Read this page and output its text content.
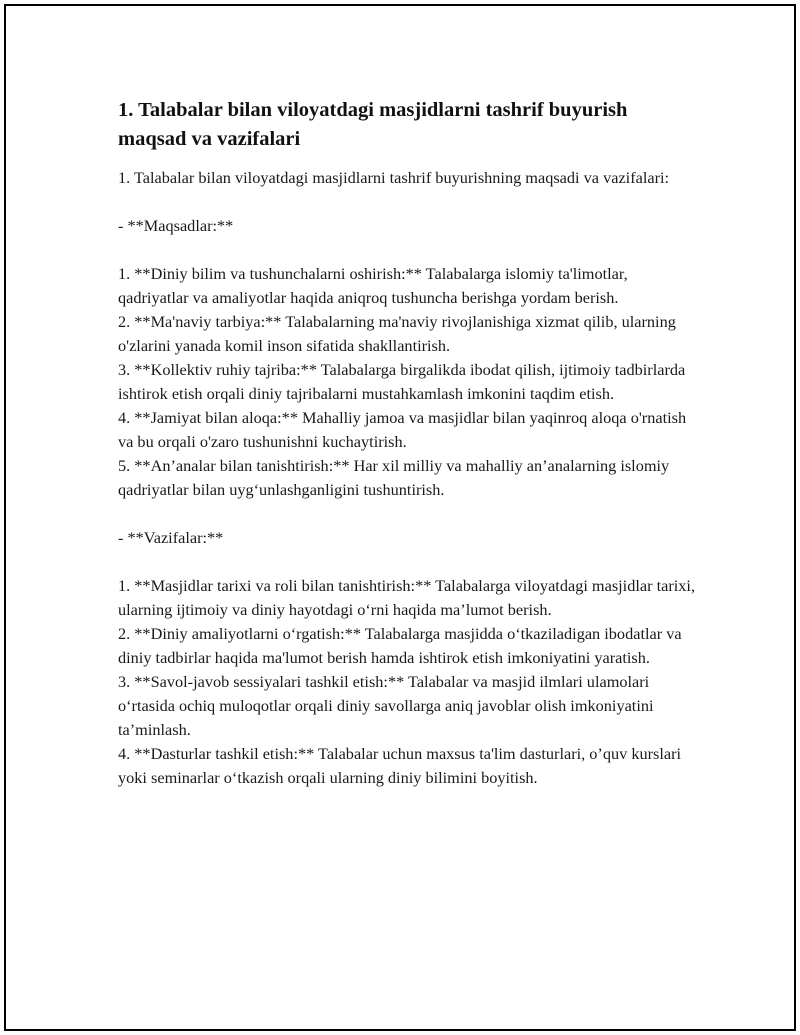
1. Talabalar bilan viloyatdagi masjidlarni tashrif buyurish maqsad va vazifalari

1. Talabalar bilan viloyatdagi masjidlarni tashrif buyurishning maqsadi va vazifalari:

- **Maqsadlar:**

1. **Diniy bilim va tushunchalarni oshirish:** Talabalarga islomiy ta'limotlar, qadriyatlar va amaliyotlar haqida aniqroq tushuncha berishga yordam berish.

2. **Ma'naviy tarbiya:** Talabalarning ma'naviy rivojlanishiga xizmat qilib, ularning o'zlarini yanada komil inson sifatida shakllantirish.

3. **Kollektiv ruhiy tajriba:** Talabalarga birgalikda ibodat qilish, ijtimoiy tadbirlarda ishtirok etish orqali diniy tajribalarni mustahkamlash imkonini taqdim etish.

4. **Jamiyat bilan aloqa:** Mahalliy jamoa va masjidlar bilan yaqinroq aloqa o'rnatish va bu orqali o'zaro tushunishni kuchaytirish.

5. **An’analar bilan tanishtirish:** Har xil milliy va mahalliy an’analarning islomiy qadriyatlar bilan uyg‘unlashganligini tushuntirish.

- **Vazifalar:**

1. **Masjidlar tarixi va roli bilan tanishtirish:** Talabalarga viloyatdagi masjidlar tarixi, ularning ijtimoiy va diniy hayotdagi o‘rni haqida ma’lumot berish.

2. **Diniy amaliyotlarni o‘rgatish:** Talabalarga masjidda o‘tkaziladigan ibodatlar va diniy tadbirlar haqida ma'lumot berish hamda ishtirok etish imkoniyatini yaratish.

3. **Savol-javob sessiyalari tashkil etish:** Talabalar va masjid ilmlari ulamolari o‘rtasida ochiq muloqotlar orqali diniy savollarga aniq javoblar olish imkoniyatini ta’minlash.

4. **Dasturlar tashkil etish:** Talabalar uchun maxsus ta'lim dasturlari, o’quv kurslari yoki seminarlar o‘tkazish orqali ularning diniy bilimini boyitish.
